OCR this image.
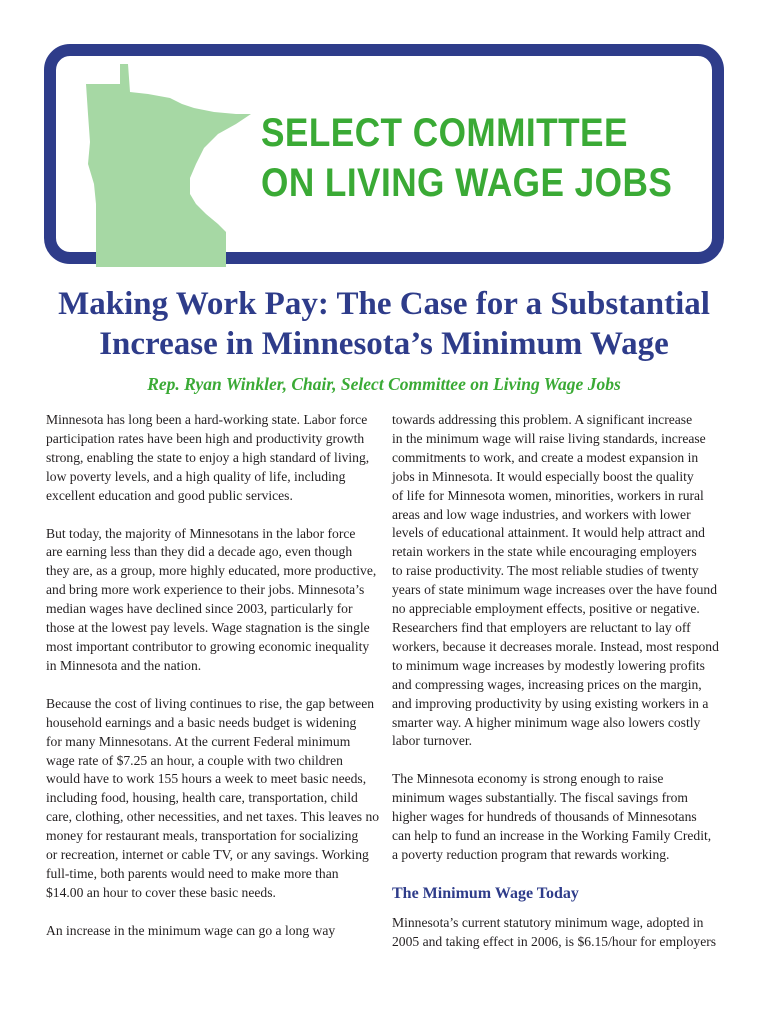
SELECT COMMITTEE
ON LIVING WAGE JOBS
Making Work Pay: The Case for a Substantial
Increase in Minnesota’s Minimum Wage
Rep. Ryan Winkler, Chair, Select Committee on Living Wage Jobs

Minnesota has long been a hard-working state. Labor force
participation rates have been high and productivity growth
strong, enabling the state to enjoy a high standard of living,
low poverty levels, and a high quality of life, including
excellent education and good public services.

But today, the majority of Minnesotans in the labor force
are earning less than they did a decade ago, even though
they are, as a group, more highly educated, more productive,
and bring more work experience to their jobs. Minnesota’s
median wages have declined since 2003, particularly for
those at the lowest pay levels. Wage stagnation is the single
most important contributor to growing economic inequality
in Minnesota and the nation.

Because the cost of living continues to rise, the gap between
household earnings and a basic needs budget is widening
for many Minnesotans. At the current Federal minimum
wage rate of $7.25 an hour, a couple with two children
would have to work 155 hours a week to meet basic needs,
including food, housing, health care, transportation, child
care, clothing, other necessities, and net taxes. This leaves no
money for restaurant meals, transportation for socializing
or recreation, internet or cable TV, or any savings. Working
full-time, both parents would need to make more than
$14.00 an hour to cover these basic needs.

An increase in the minimum wage can go a long way

towards addressing this problem. A significant increase
in the minimum wage will raise living standards, increase
commitments to work, and create a modest expansion in
jobs in Minnesota. It would especially boost the quality
of life for Minnesota women, minorities, workers in rural
areas and low wage industries, and workers with lower
levels of educational attainment. It would help attract and
retain workers in the state while encouraging employers
to raise productivity. The most reliable studies of twenty
years of state minimum wage increases over the have found
no appreciable employment effects, positive or negative.
Researchers find that employers are reluctant to lay off
workers, because it decreases morale. Instead, most respond
to minimum wage increases by modestly lowering profits
and compressing wages, increasing prices on the margin,
and improving productivity by using existing workers in a
smarter way. A higher minimum wage also lowers costly
labor turnover.

The Minnesota economy is strong enough to raise
minimum wages substantially. The fiscal savings from
higher wages for hundreds of thousands of Minnesotans
can help to fund an increase in the Working Family Credit,
a poverty reduction program that rewards working.

The Minimum Wage Today

Minnesota’s current statutory minimum wage, adopted in
2005 and taking effect in 2006, is $6.15/hour for employers
